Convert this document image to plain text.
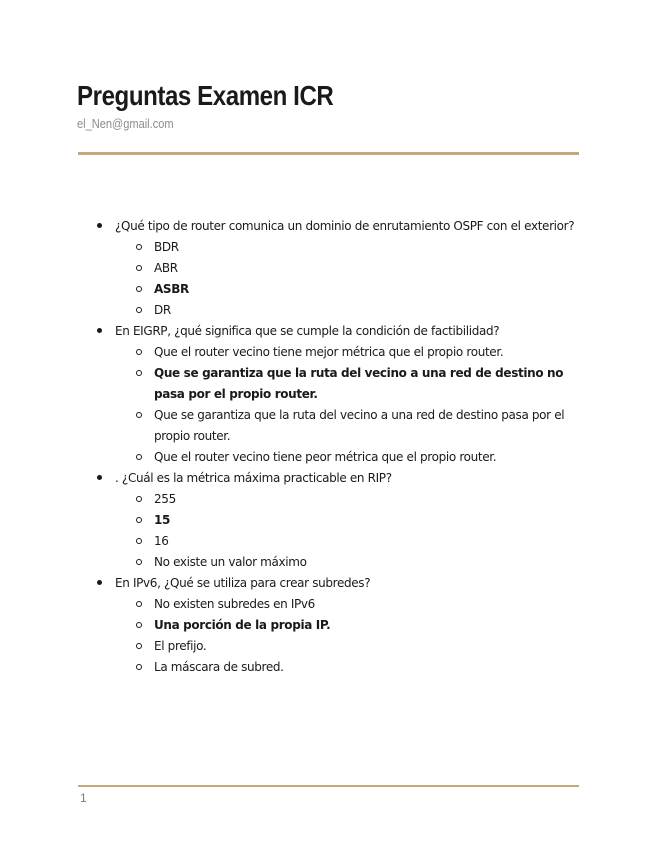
Preguntas Examen ICR
el_Nen@gmail.com
¿Qué tipo de router comunica un dominio de enrutamiento OSPF con el exterior?
BDR
ABR
ASBR
DR
En EIGRP, ¿qué significa que se cumple la condición de factibilidad?
Que el router vecino tiene mejor métrica que el propio router.
Que se garantiza que la ruta del vecino a una red de destino no pasa por el propio router.
Que se garantiza que la ruta del vecino a una red de destino pasa por el propio router.
Que el router vecino tiene peor métrica que el propio router.
. ¿Cuál es la métrica máxima practicable en RIP?
255
15
16
No existe un valor máximo
En IPv6, ¿Qué se utiliza para crear subredes?
No existen subredes en IPv6
Una porción de la propia IP.
El prefijo.
La máscara de subred.
1
